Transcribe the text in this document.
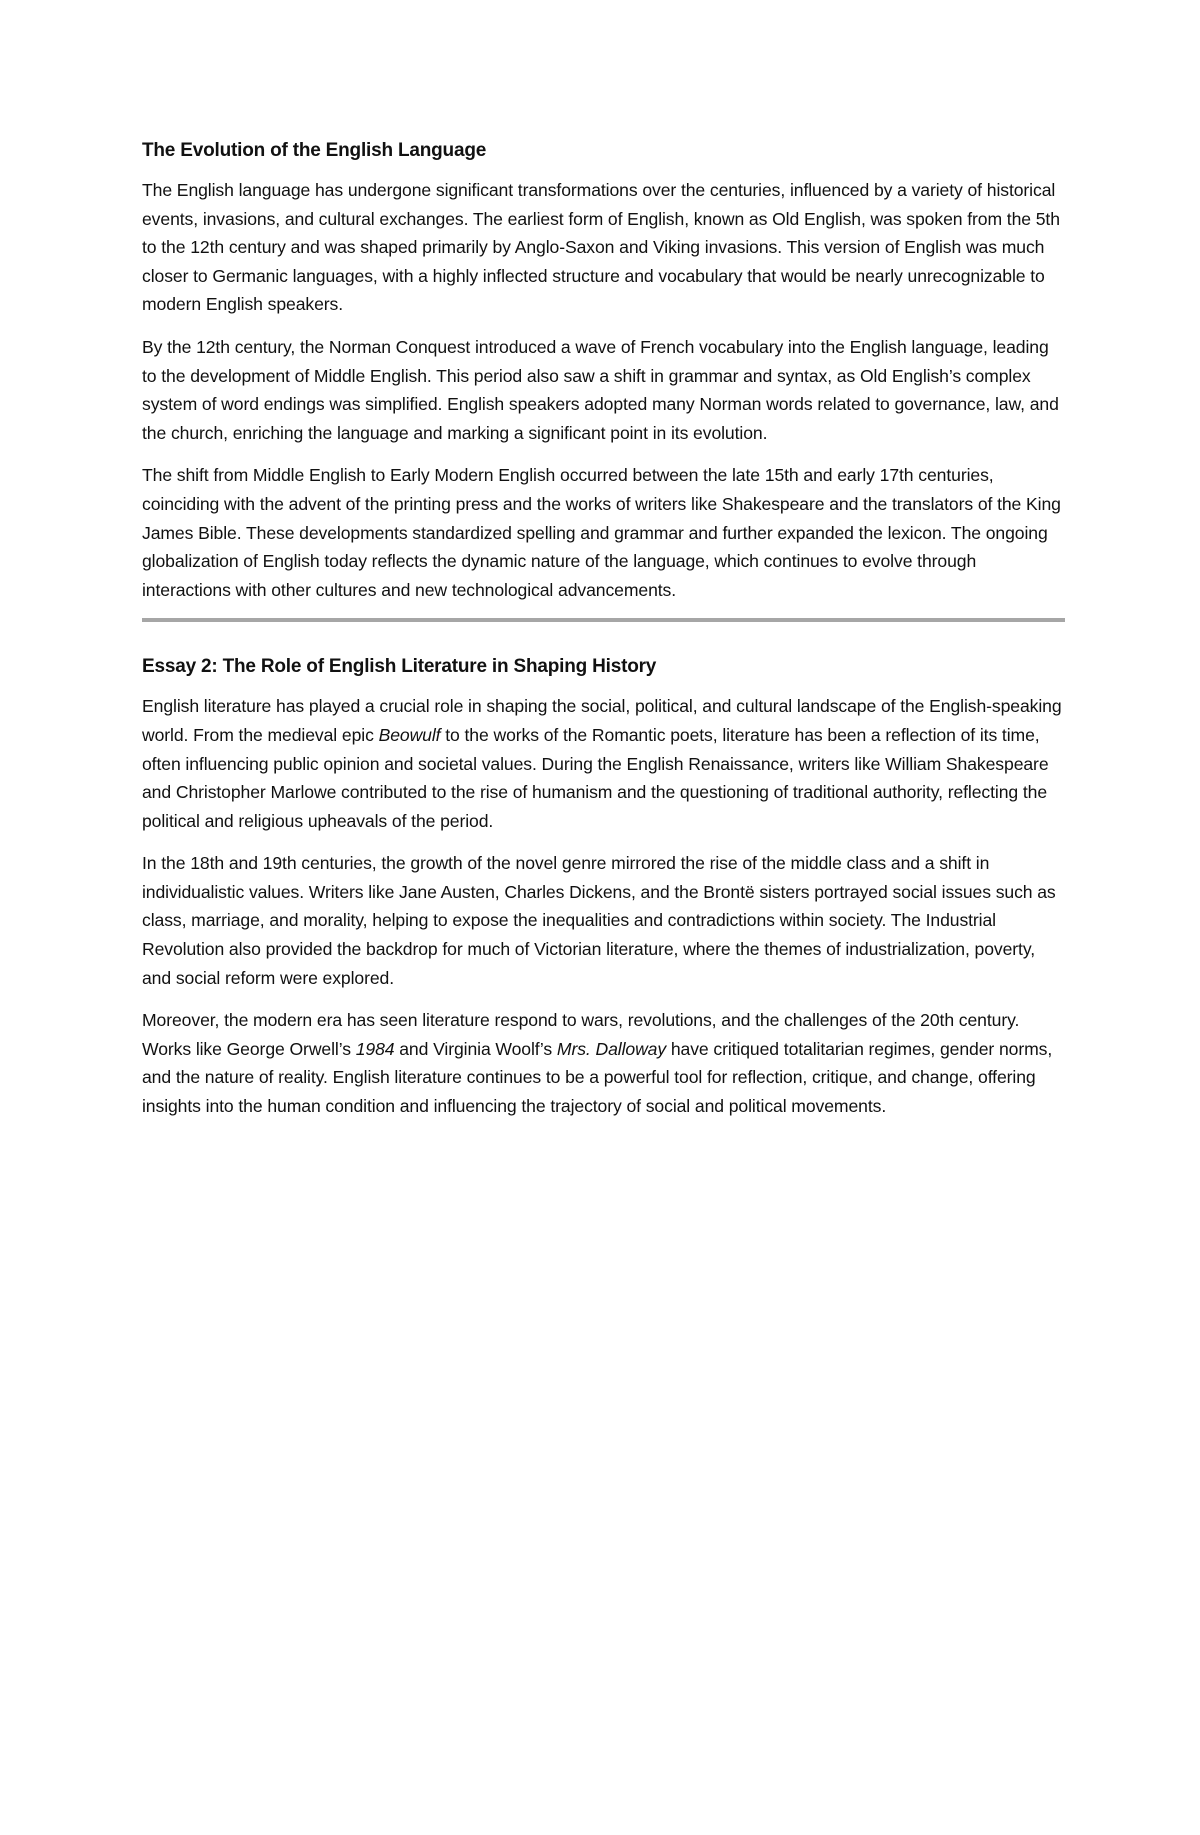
The Evolution of the English Language

The English language has undergone significant transformations over the centuries, influenced by a variety of historical events, invasions, and cultural exchanges. The earliest form of English, known as Old English, was spoken from the 5th to the 12th century and was shaped primarily by Anglo-Saxon and Viking invasions. This version of English was much closer to Germanic languages, with a highly inflected structure and vocabulary that would be nearly unrecognizable to modern English speakers.

By the 12th century, the Norman Conquest introduced a wave of French vocabulary into the English language, leading to the development of Middle English. This period also saw a shift in grammar and syntax, as Old English’s complex system of word endings was simplified. English speakers adopted many Norman words related to governance, law, and the church, enriching the language and marking a significant point in its evolution.

The shift from Middle English to Early Modern English occurred between the late 15th and early 17th centuries, coinciding with the advent of the printing press and the works of writers like Shakespeare and the translators of the King James Bible. These developments standardized spelling and grammar and further expanded the lexicon. The ongoing globalization of English today reflects the dynamic nature of the language, which continues to evolve through interactions with other cultures and new technological advancements.

Essay 2: The Role of English Literature in Shaping History

English literature has played a crucial role in shaping the social, political, and cultural landscape of the English-speaking world. From the medieval epic Beowulf to the works of the Romantic poets, literature has been a reflection of its time, often influencing public opinion and societal values. During the English Renaissance, writers like William Shakespeare and Christopher Marlowe contributed to the rise of humanism and the questioning of traditional authority, reflecting the political and religious upheavals of the period.

In the 18th and 19th centuries, the growth of the novel genre mirrored the rise of the middle class and a shift in individualistic values. Writers like Jane Austen, Charles Dickens, and the Brontë sisters portrayed social issues such as class, marriage, and morality, helping to expose the inequalities and contradictions within society. The Industrial Revolution also provided the backdrop for much of Victorian literature, where the themes of industrialization, poverty, and social reform were explored.

Moreover, the modern era has seen literature respond to wars, revolutions, and the challenges of the 20th century. Works like George Orwell’s 1984 and Virginia Woolf’s Mrs. Dalloway have critiqued totalitarian regimes, gender norms, and the nature of reality. English literature continues to be a powerful tool for reflection, critique, and change, offering insights into the human condition and influencing the trajectory of social and political movements.
